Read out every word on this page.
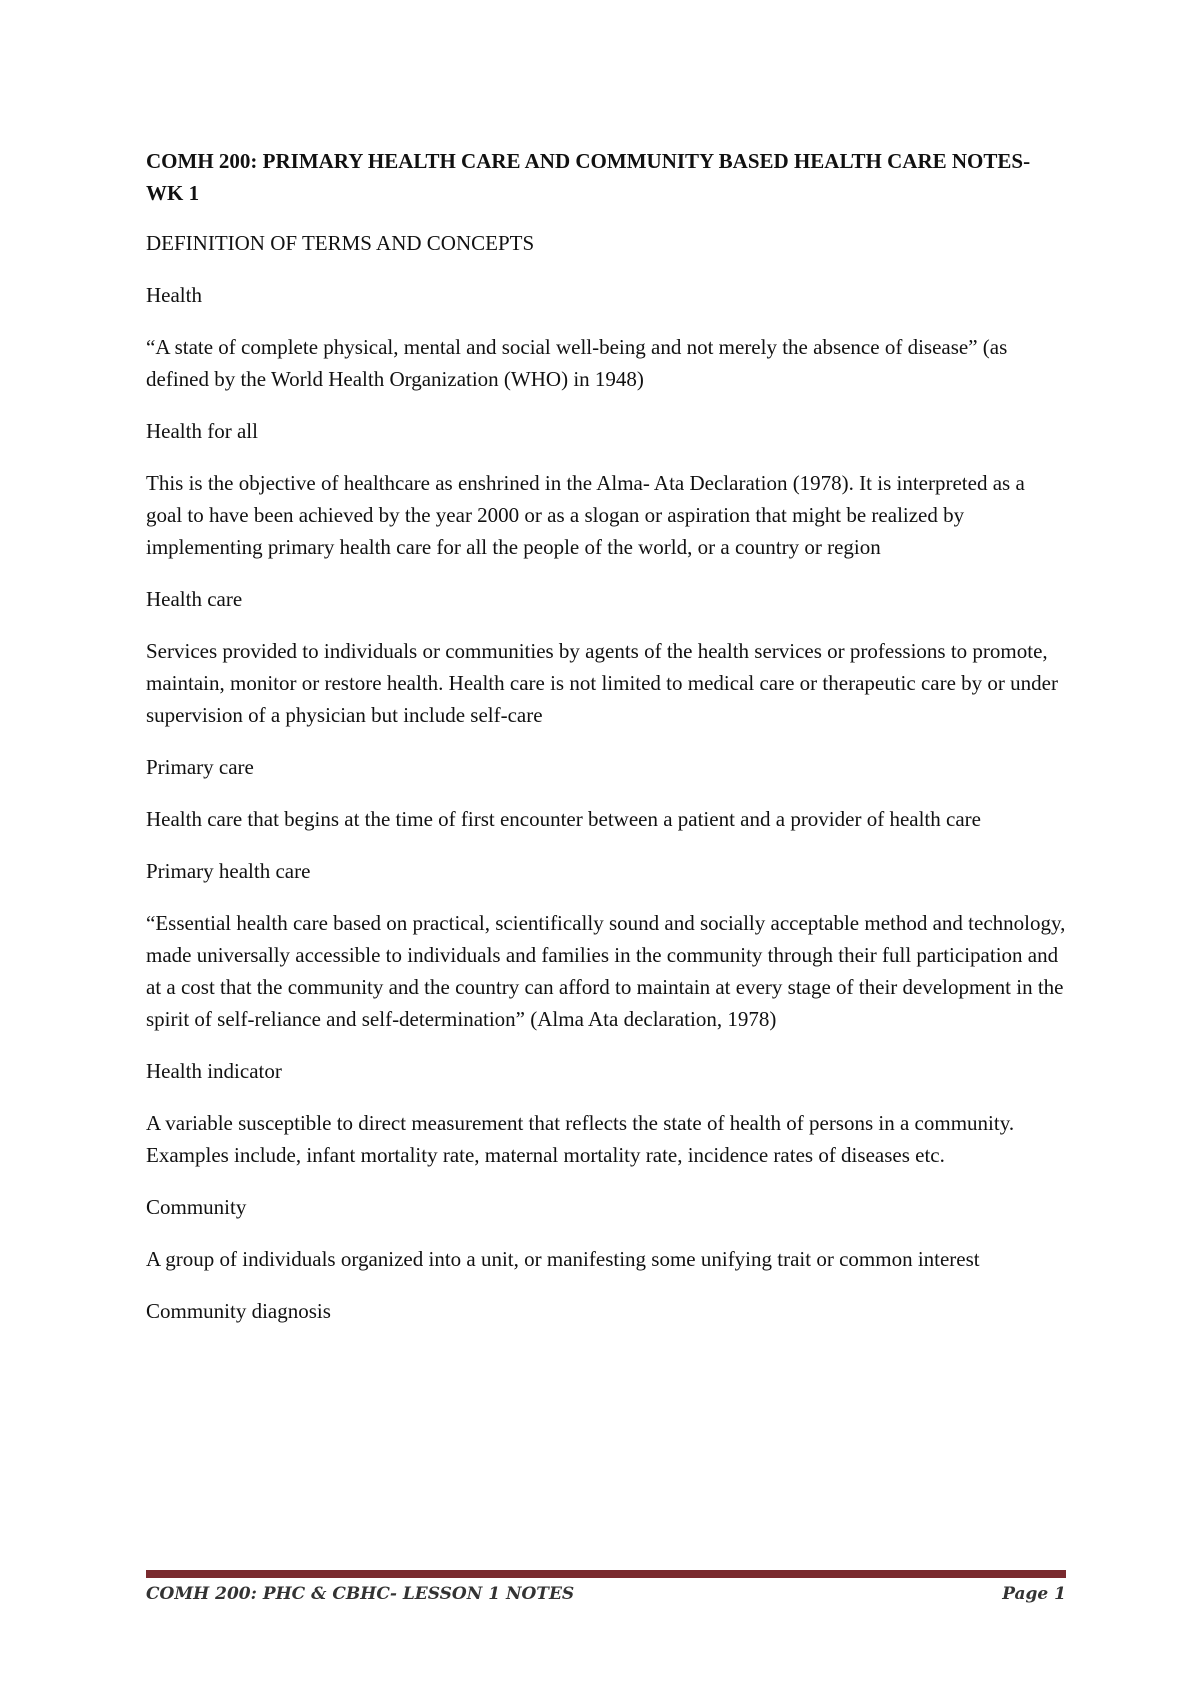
COMH 200: PRIMARY HEALTH CARE AND COMMUNITY BASED HEALTH CARE NOTES- WK 1
DEFINITION OF TERMS AND CONCEPTS
Health
“A state of complete physical, mental and social well-being and not merely the absence of disease” (as defined by the World Health Organization (WHO) in 1948)
Health for all
This is the objective of healthcare as enshrined in the Alma- Ata Declaration (1978). It is interpreted as a goal to have been achieved by the year 2000 or as a slogan or aspiration that might be realized by implementing primary health care for all the people of the world, or a country or region
Health care
Services provided to individuals or communities by agents of the health services or professions to promote, maintain, monitor or restore health. Health care is not limited to medical care or therapeutic care by or under supervision of a physician but include self-care
Primary care
Health care that begins at the time of first encounter between a patient and a provider of health care
Primary health care
“Essential health care based on practical, scientifically sound and socially acceptable method and technology, made universally accessible to individuals and families in the community through their full participation and at a cost that the community and the country can afford to maintain at every stage of their development in the spirit of self-reliance and self-determination” (Alma Ata declaration, 1978)
Health indicator
A variable susceptible to direct measurement that reflects the state of health of persons in a community. Examples include, infant mortality rate, maternal mortality rate, incidence rates of diseases etc.
Community
A group of individuals organized into a unit, or manifesting some unifying trait or common interest
Community diagnosis
COMH 200: PHC & CBHC- LESSON 1 NOTES	Page 1
